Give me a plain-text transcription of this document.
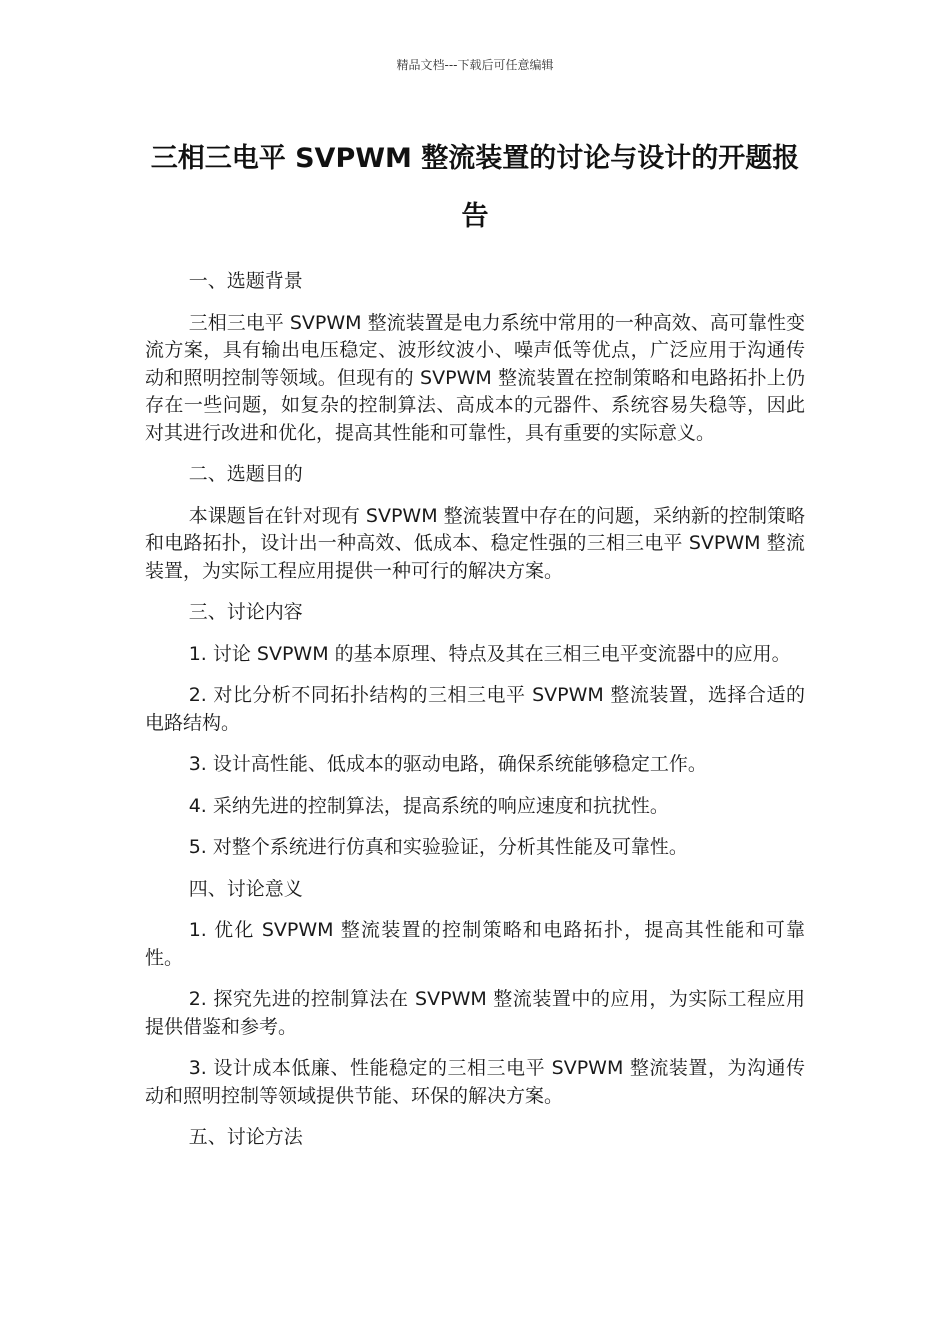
精品文档---下载后可任意编辑
三相三电平 SVPWM 整流装置的讨论与设计的开题报告

一、选题背景

三相三电平 SVPWM 整流装置是电力系统中常用的一种高效、高可靠性变流方案，具有输出电压稳定、波形纹波小、噪声低等优点，广泛应用于沟通传动和照明控制等领域。但现有的 SVPWM 整流装置在控制策略和电路拓扑上仍存在一些问题，如复杂的控制算法、高成本的元器件、系统容易失稳等，因此对其进行改进和优化，提高其性能和可靠性，具有重要的实际意义。

二、选题目的

本课题旨在针对现有 SVPWM 整流装置中存在的问题，采纳新的控制策略和电路拓扑，设计出一种高效、低成本、稳定性强的三相三电平 SVPWM 整流装置，为实际工程应用提供一种可行的解决方案。

三、讨论内容

1. 讨论 SVPWM 的基本原理、特点及其在三相三电平变流器中的应用。

2. 对比分析不同拓扑结构的三相三电平 SVPWM 整流装置，选择合适的电路结构。

3. 设计高性能、低成本的驱动电路，确保系统能够稳定工作。

4. 采纳先进的控制算法，提高系统的响应速度和抗扰性。

5. 对整个系统进行仿真和实验验证，分析其性能及可靠性。

四、讨论意义

1. 优化 SVPWM 整流装置的控制策略和电路拓扑，提高其性能和可靠性。

2. 探究先进的控制算法在 SVPWM 整流装置中的应用，为实际工程应用提供借鉴和参考。

3. 设计成本低廉、性能稳定的三相三电平 SVPWM 整流装置，为沟通传动和照明控制等领域提供节能、环保的解决方案。

五、讨论方法
